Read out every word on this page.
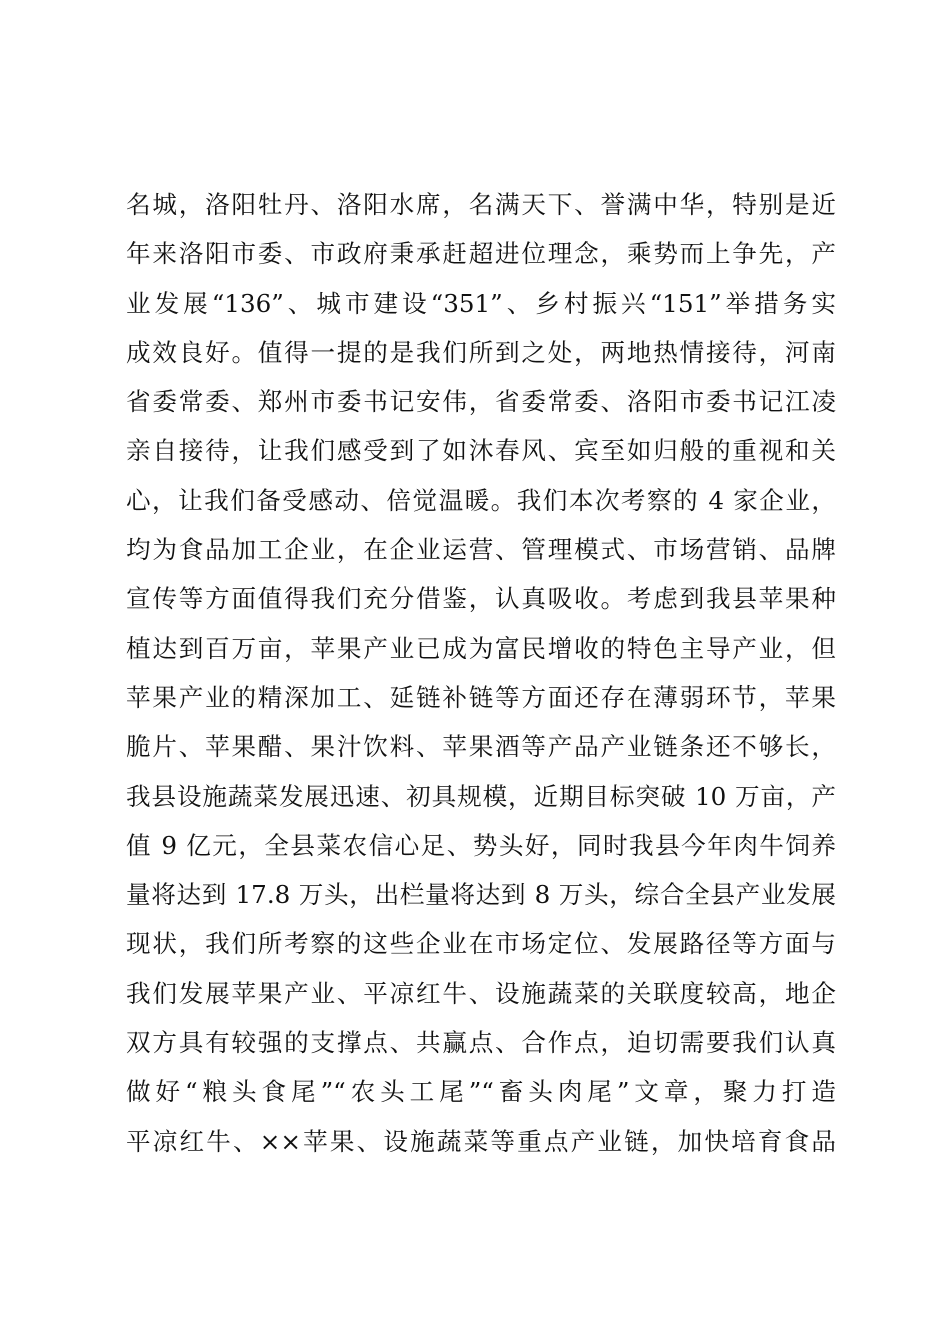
名城，洛阳牡丹、洛阳水席，名满天下、誉满中华，特别是近
年来洛阳市委、市政府秉承赶超进位理念，乘势而上争先，产
业发展“136”、城市建设“351”、乡村振兴“151”举措务实
成效良好。值得一提的是我们所到之处，两地热情接待，河南
省委常委、郑州市委书记安伟，省委常委、洛阳市委书记江凌
亲自接待，让我们感受到了如沐春风、宾至如归般的重视和关
心，让我们备受感动、倍觉温暖。我们本次考察的 4 家企业，
均为食品加工企业，在企业运营、管理模式、市场营销、品牌
宣传等方面值得我们充分借鉴，认真吸收。考虑到我县苹果种
植达到百万亩，苹果产业已成为富民增收的特色主导产业，但
苹果产业的精深加工、延链补链等方面还存在薄弱环节，苹果
脆片、苹果醋、果汁饮料、苹果酒等产品产业链条还不够长，
我县设施蔬菜发展迅速、初具规模，近期目标突破 10 万亩，产
值 9 亿元，全县菜农信心足、势头好，同时我县今年肉牛饲养
量将达到 17.8 万头，出栏量将达到 8 万头，综合全县产业发展
现状，我们所考察的这些企业在市场定位、发展路径等方面与
我们发展苹果产业、平凉红牛、设施蔬菜的关联度较高，地企
双方具有较强的支撑点、共赢点、合作点，迫切需要我们认真
做好“粮头食尾”“农头工尾”“畜头肉尾”文章，聚力打造
平凉红牛、××苹果、设施蔬菜等重点产业链，加快培育食品
